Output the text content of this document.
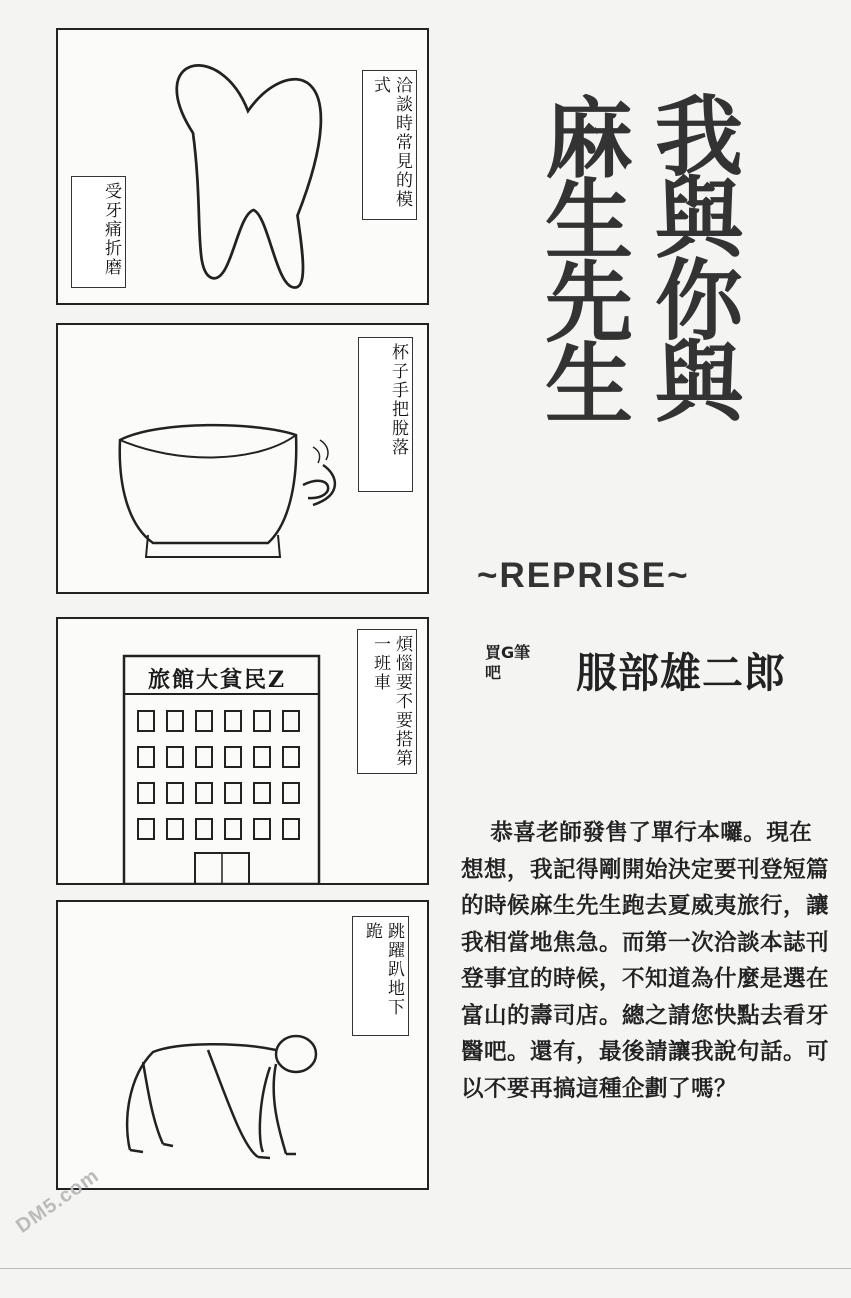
洽談時常見的模式
受牙痛折磨
杯子手把脫落
旅館大貧民Z	煩惱要不要搭第一班車
跳躍趴地下跪
我與你與
麻生先生
~REPRISE~
買G筆吧	服部雄二郎
恭喜老師發售了單行本囉。現在想想，我記得剛開始決定要刊登短篇的時候麻生先生跑去夏威夷旅行，讓我相當地焦急。而第一次洽談本誌刊登事宜的時候，不知道為什麼是選在富山的壽司店。總之請您快點去看牙醫吧。還有，最後請讓我說句話。可以不要再搞這種企劃了嗎？
DM5.com
